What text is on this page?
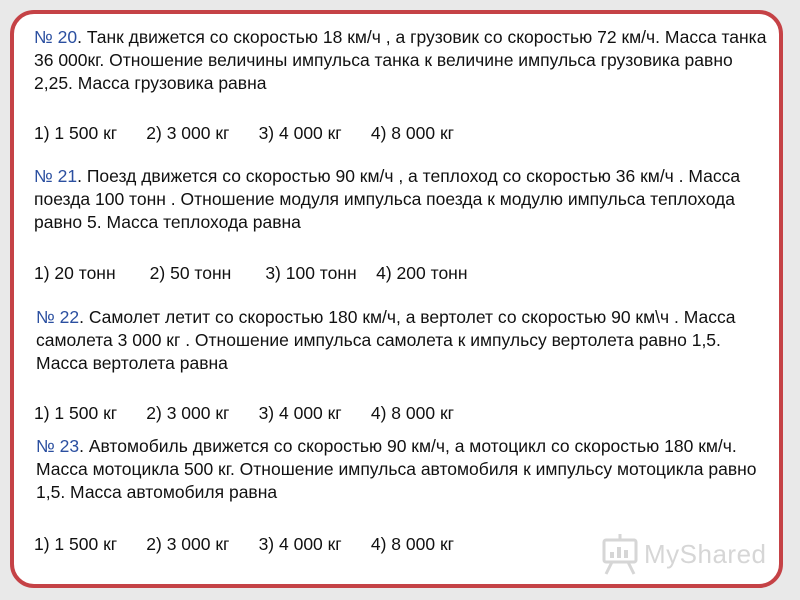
№ 20. Танк движется со скоростью 18 км/ч , а грузовик со скоростью 72 км/ч. Масса танка 36 000кг. Отношение величины импульса танка к величине импульса грузовика равно 2,25. Масса грузовика равна
1) 1 500 кг      2) 3 000 кг      3) 4 000 кг      4) 8 000 кг
№ 21. Поезд движется со скоростью 90 км/ч , а теплоход со скоростью 36 км/ч . Масса поезда 100 тонн . Отношение модуля импульса поезда к модулю импульса теплохода равно 5. Масса теплохода равна
1) 20 тонн       2) 50 тонн       3) 100 тонн    4) 200 тонн
№ 22. Самолет летит со скоростью 180 км/ч, а вертолет со скоростью 90 км\ч . Масса самолета 3 000 кг . Отношение импульса самолета к импульсу вертолета равно 1,5. Масса вертолета равна
1) 1 500 кг      2) 3 000 кг      3) 4 000 кг      4) 8 000 кг
№ 23. Автомобиль движется со скоростью 90 км/ч, а мотоцикл со скоростью 180 км/ч. Масса мотоцикла 500 кг. Отношение импульса автомобиля к импульсу мотоцикла равно 1,5. Масса автомобиля равна
1) 1 500 кг      2) 3 000 кг      3) 4 000 кг      4) 8 000 кг	MyShared
